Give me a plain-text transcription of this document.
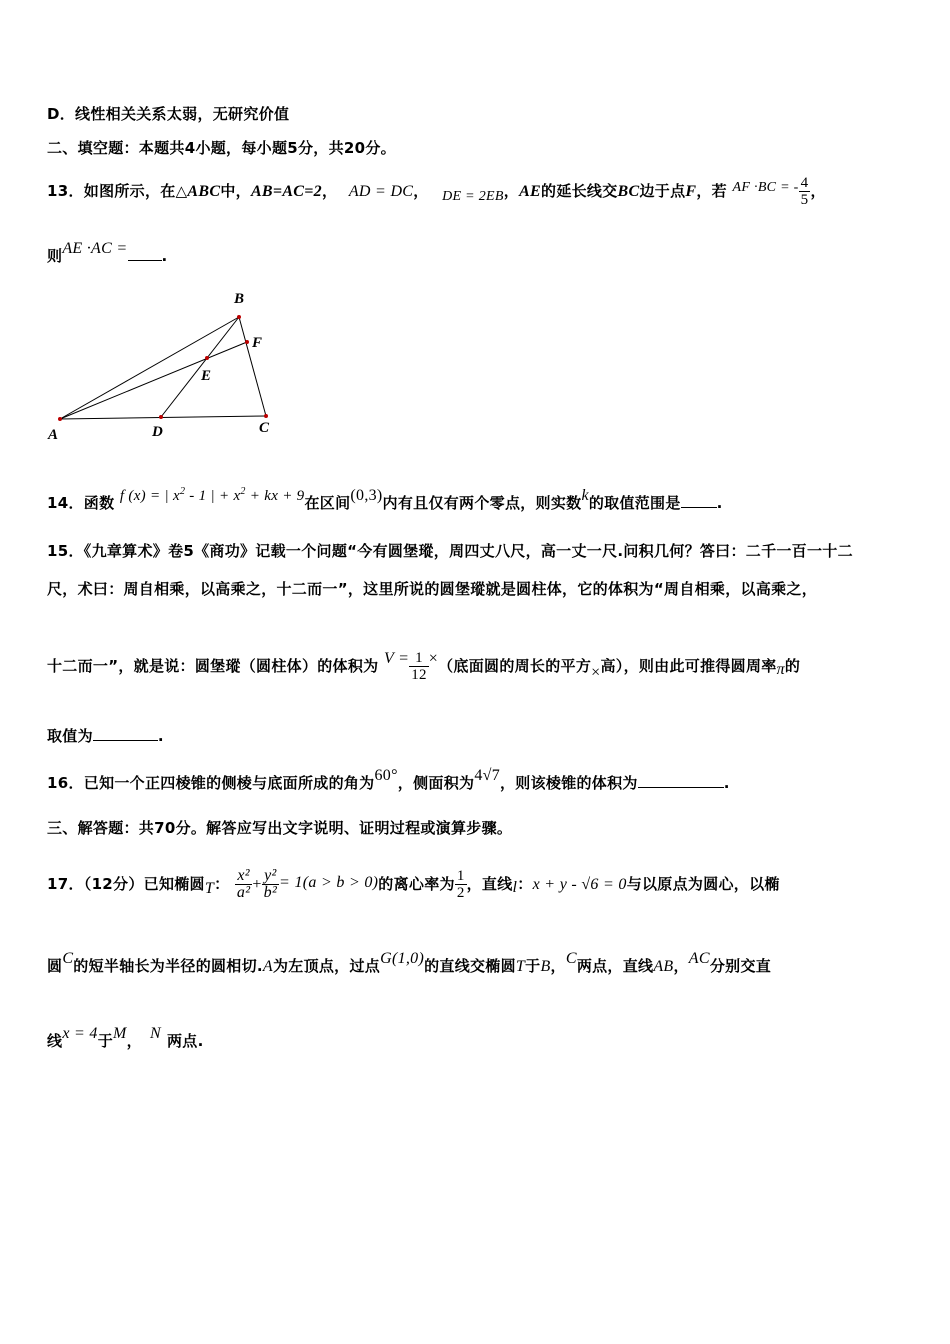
D．线性相关关系太弱，无研究价值
二、填空题：本题共4小题，每小题5分，共20分。
13．如图所示，在△ABC中，AB=AC=2， AD = DC， DE = 2EB，AE的延长线交BC边于点F，若 AF ·BC = - $\frac{4}{5}$ ，
则AE ·AC = .
A
B
C
D
E
F
14．函数 f (x) = | $x^2 - 1$ | + $x^2$ + kx + 9在区间(0,3)内有且仅有两个零点，则实数k的取值范围是 .
15．《九章算术》卷5《商功》记载一个问题“今有圆堡瑽，周四丈八尺，高一丈一尺.问积几何？答曰：二千一百一十二
尺，术曰：周自相乘，以高乘之，十二而一”，这里所说的圆堡瑽就是圆柱体，它的体积为“周自相乘，以高乘之，
十二而一”，就是说：圆堡瑽（圆柱体）的体积为 $V = \frac{1}{12}$ ×（底面圆的周长的平方×高），则由此可推得圆周率π的
取值为	.
16．已知一个正四棱锥的侧棱与底面所成的角为60°，侧面积为4√7，则该棱锥的体积为	.
三、解答题：共70分。解答应写出文字说明、证明过程或演算步骤。
17．（12分）已知椭圆T： $\frac{\text{x²}}{\text{a²}} + \frac{\text{y²}}{\text{b²}} = 1(a > b > 0)$的离心率为 $\frac{1}{2}$ ，直线l：x + y - √6 = 0与以原点为圆心，以椭
圆C的短半轴长为半径的圆相切.A为左顶点，过点G(1,0)的直线交椭圆T于B，C两点，直线AB，AC分别交直
线x = 4于M， N 两点.
